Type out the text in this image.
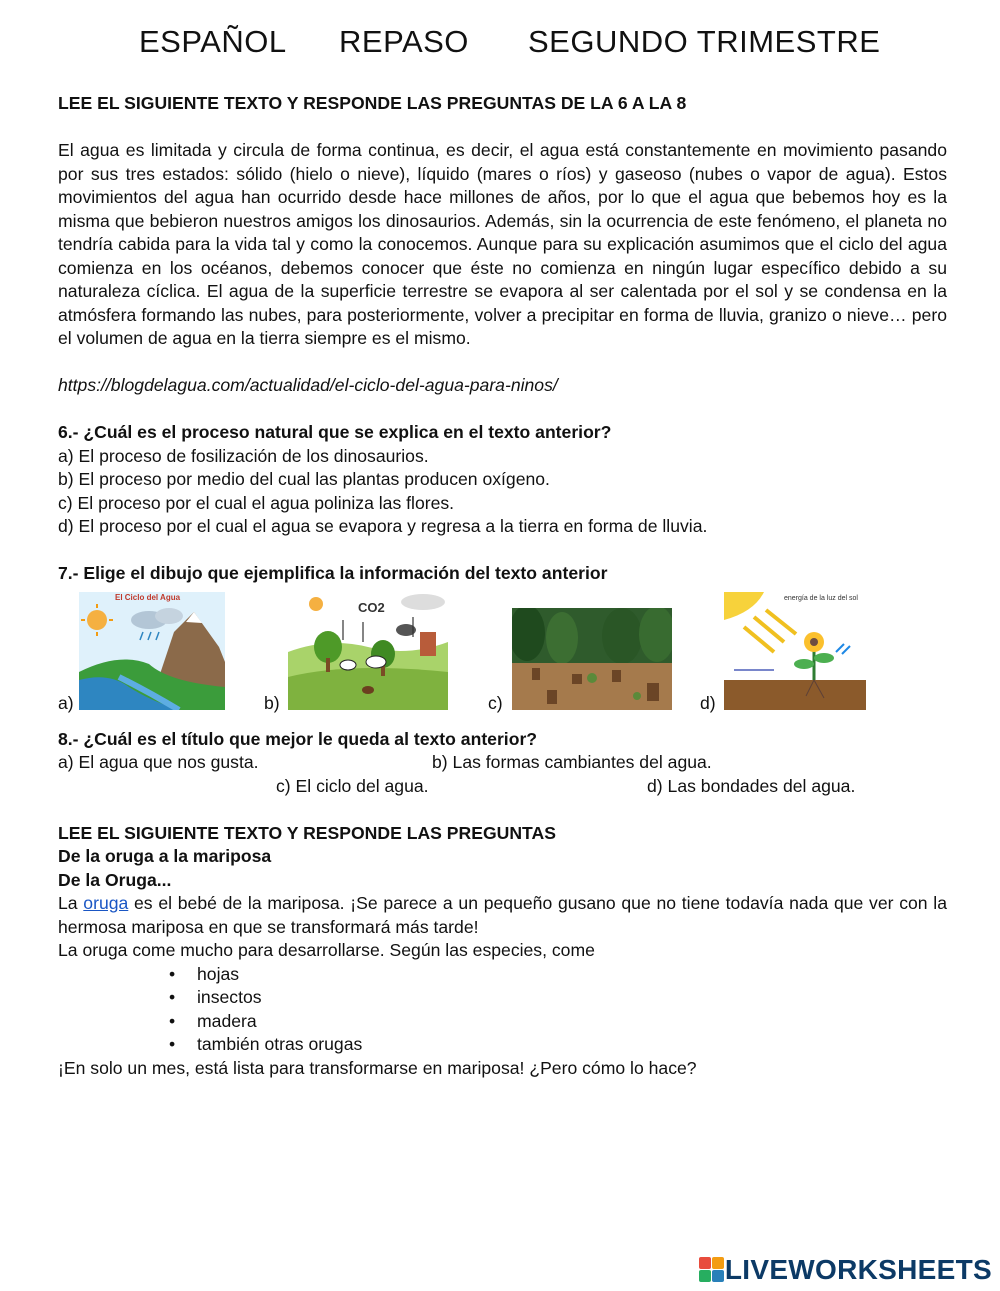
ESPAÑOL REPASO SEGUNDO TRIMESTRE
LEE EL SIGUIENTE TEXTO Y RESPONDE LAS PREGUNTAS DE LA 6 A LA 8
El agua es limitada y circula de forma continua, es decir, el agua está constantemente en movimiento pasando por sus tres estados: sólido (hielo o nieve), líquido (mares o ríos) y gaseoso (nubes o vapor de agua). Estos movimientos del agua han ocurrido desde hace millones de años, por lo que el agua que bebemos hoy es la misma que bebieron nuestros amigos los dinosaurios. Además, sin la ocurrencia de este fenómeno, el planeta no tendría cabida para la vida tal y como la conocemos. Aunque para su explicación asumimos que el ciclo del agua comienza en los océanos, debemos conocer que éste no comienza en ningún lugar específico debido a su naturaleza cíclica. El agua de la superficie terrestre se evapora al ser calentada por el sol y se condensa en la atmósfera formando las nubes, para posteriormente, volver a precipitar en forma de lluvia, granizo o nieve… pero el volumen de agua en la tierra siempre es el mismo.
https://blogdelagua.com/actualidad/el-ciclo-del-agua-para-ninos/
6.- ¿Cuál es el proceso natural que se explica en el texto anterior?
a) El proceso de fosilización de los dinosaurios.
b) El proceso por medio del cual las plantas producen oxígeno.
c) El proceso por el cual el agua poliniza las flores.
d) El proceso por el cual el agua se evapora y regresa a la tierra en forma de lluvia.
7.- Elige el dibujo que ejemplifica la información del texto anterior
a)
El Ciclo del Agua
b)
CO2
c)	d)
energía de la luz del sol
8.- ¿Cuál es el título que mejor le queda al texto anterior?
a) El agua que nos gusta.	b) Las formas cambiantes del agua.
c) El ciclo del agua.	d) Las bondades del agua.
LEE EL SIGUIENTE TEXTO Y RESPONDE LAS PREGUNTAS
De la oruga a la mariposa
De la Oruga...
La oruga es el bebé de la mariposa. ¡Se parece a un pequeño gusano que no tiene todavía nada que ver con la hermosa mariposa en que se transformará más tarde!
La oruga come mucho para desarrollarse. Según las especies, come
• hojas
• insectos
• madera
• también otras orugas
¡En solo un mes, está lista para transformarse en mariposa! ¿Pero cómo lo hace?
LIVEWORKSHEETS
